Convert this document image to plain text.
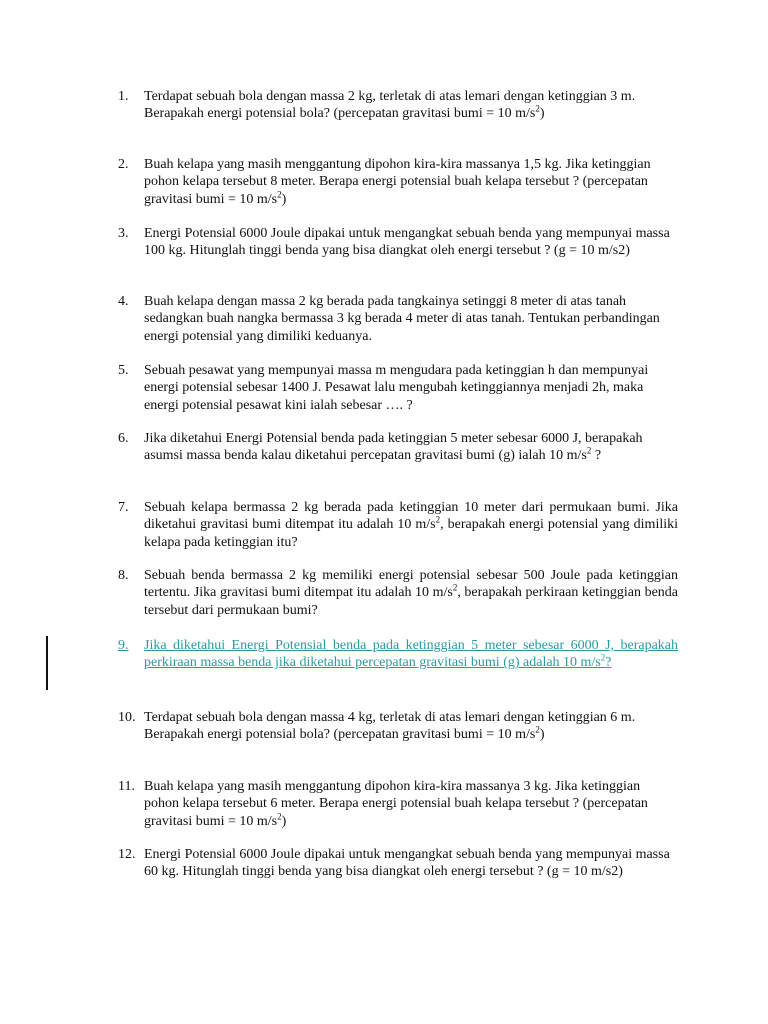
1.	Terdapat sebuah bola dengan massa 2 kg, terletak di atas lemari dengan ketinggian 3 m. Berapakah energi potensial bola? (percepatan gravitasi bumi = 10 $m/s^2$)
2.	Buah kelapa yang masih menggantung dipohon kira-kira massanya 1,5 kg. Jika ketinggian pohon kelapa tersebut 8 meter. Berapa energi potensial buah kelapa tersebut ? (percepatan gravitasi bumi = 10 $m/s^2$)
3.	Energi Potensial 6000 Joule dipakai untuk mengangkat sebuah benda yang mempunyai massa 100 kg. Hitunglah tinggi benda yang bisa diangkat oleh energi tersebut ? (g = 10 m/s2)
4.	Buah kelapa dengan massa 2 kg berada pada tangkainya setinggi 8 meter di atas tanah sedangkan buah nangka bermassa 3 kg berada 4 meter di atas tanah. Tentukan perbandingan energi potensial yang dimiliki keduanya.
5.	Sebuah pesawat yang mempunyai massa m mengudara pada ketinggian h dan mempunyai energi potensial sebesar 1400 J. Pesawat lalu mengubah ketinggiannya menjadi 2h, maka energi potensial pesawat kini ialah sebesar …. ?
6.	Jika diketahui Energi Potensial benda pada ketinggian 5 meter sebesar 6000 J, berapakah asumsi massa benda kalau diketahui percepatan gravitasi bumi (g) ialah 10 $m/s^2$ ?
7.	Sebuah kelapa bermassa 2 kg berada pada ketinggian 10 meter dari permukaan bumi. Jika diketahui gravitasi bumi ditempat itu adalah 10 $m/s^2$, berapakah energi potensial yang dimiliki kelapa pada ketinggian itu?
8.	Sebuah benda bermassa 2 kg memiliki energi potensial sebesar 500 Joule pada ketinggian tertentu. Jika gravitasi bumi ditempat itu adalah 10 $m/s^2$, berapakah perkiraan ketinggian benda tersebut dari permukaan bumi?
9.	Jika diketahui Energi Potensial benda pada ketinggian 5 meter sebesar 6000 J, berapakah perkiraan massa benda jika diketahui percepatan gravitasi bumi (g) adalah 10 $m/s^2$?
10. Terdapat sebuah bola dengan massa 4 kg, terletak di atas lemari dengan ketinggian 6 m. Berapakah energi potensial bola? (percepatan gravitasi bumi = 10 $m/s^2$)
11. Buah kelapa yang masih menggantung dipohon kira-kira massanya 3 kg. Jika ketinggian pohon kelapa tersebut 6 meter. Berapa energi potensial buah kelapa tersebut ? (percepatan gravitasi bumi = 10 $m/s^2$)
12. Energi Potensial 6000 Joule dipakai untuk mengangkat sebuah benda yang mempunyai massa 60 kg. Hitunglah tinggi benda yang bisa diangkat oleh energi tersebut ? (g = 10 m/s2)
